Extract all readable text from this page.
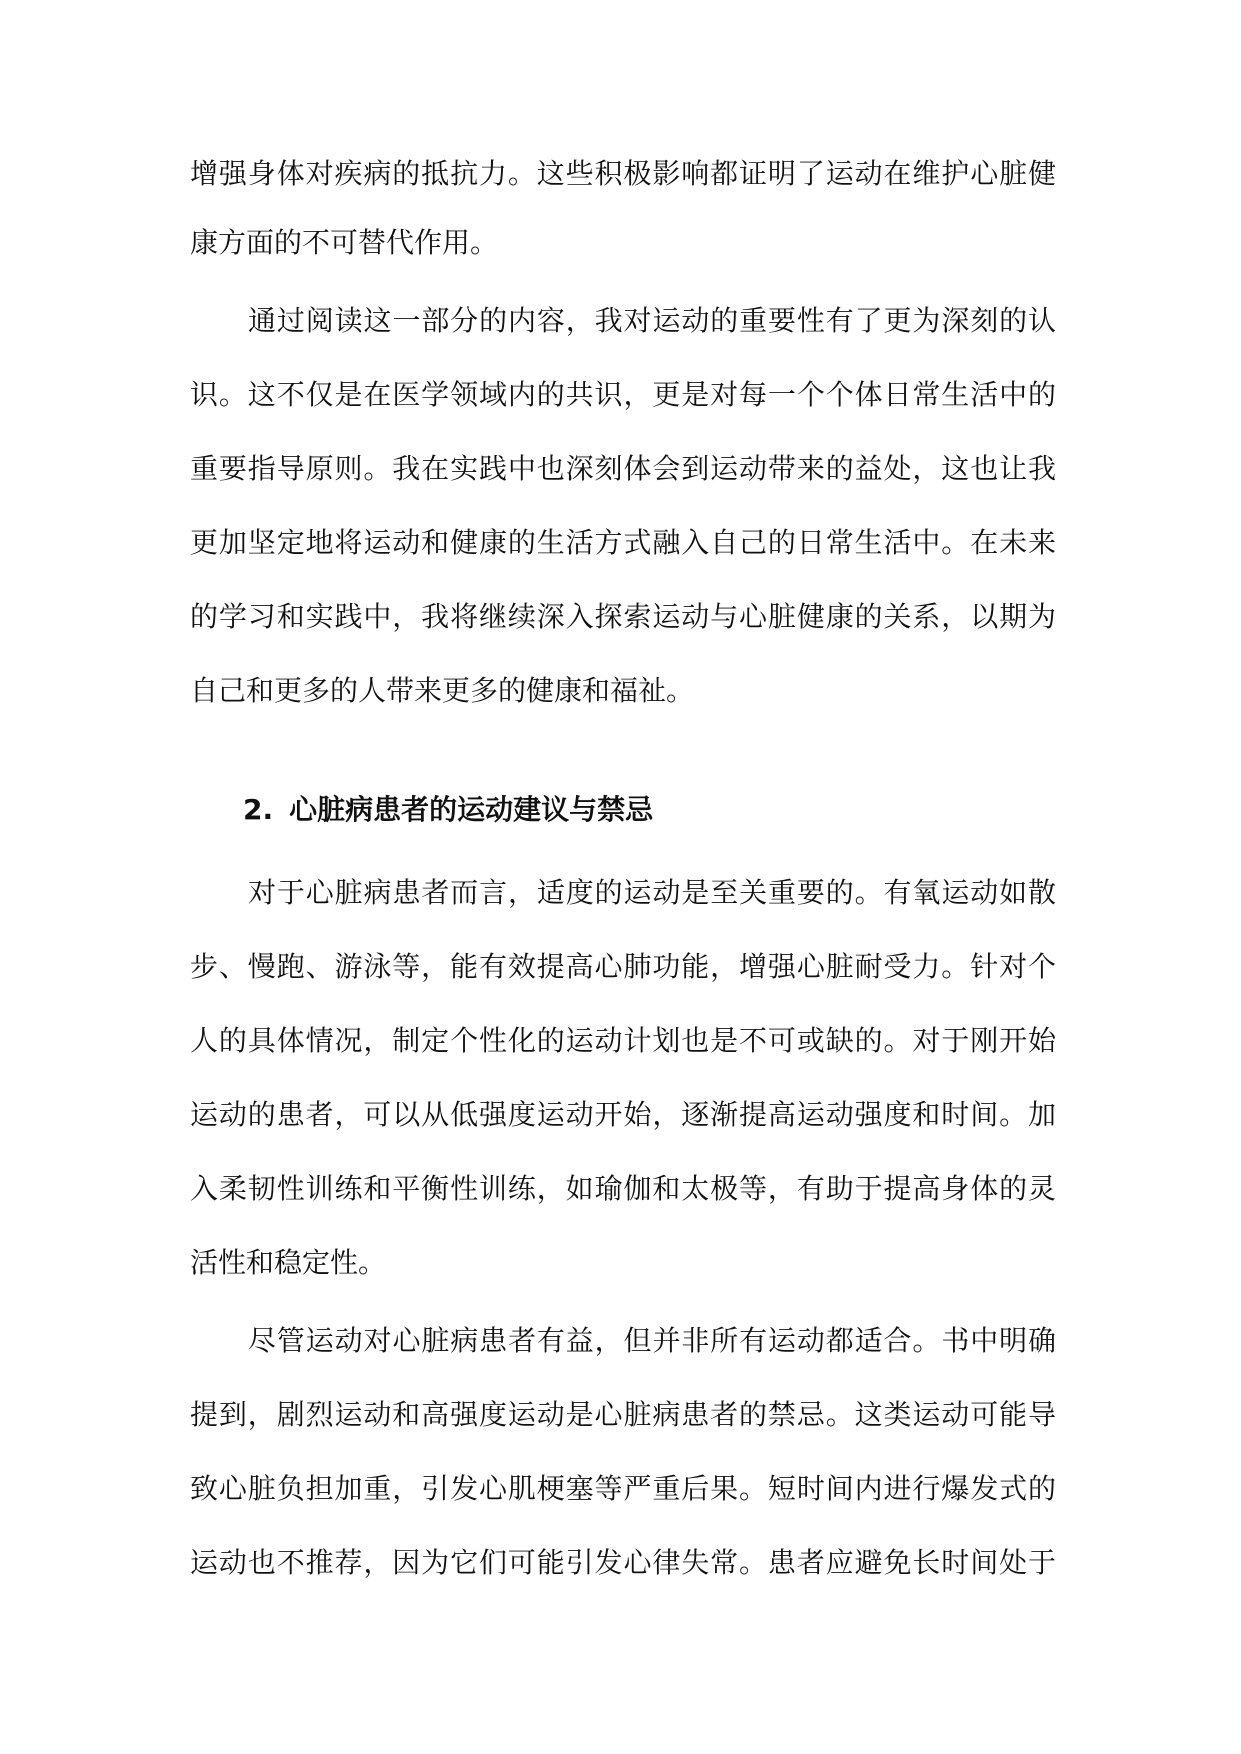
增强身体对疾病的抵抗力。这些积极影响都证明了运动在维护心脏健
康方面的不可替代作用。
通过阅读这一部分的内容，我对运动的重要性有了更为深刻的认
识。这不仅是在医学领域内的共识，更是对每一个个体日常生活中的
重要指导原则。我在实践中也深刻体会到运动带来的益处，这也让我
更加坚定地将运动和健康的生活方式融入自己的日常生活中。在未来
的学习和实践中，我将继续深入探索运动与心脏健康的关系，以期为
自己和更多的人带来更多的健康和福祉。
2. 心脏病患者的运动建议与禁忌
对于心脏病患者而言，适度的运动是至关重要的。有氧运动如散
步、慢跑、游泳等，能有效提高心肺功能，增强心脏耐受力。针对个
人的具体情况，制定个性化的运动计划也是不可或缺的。对于刚开始
运动的患者，可以从低强度运动开始，逐渐提高运动强度和时间。加
入柔韧性训练和平衡性训练，如瑜伽和太极等，有助于提高身体的灵
活性和稳定性。
尽管运动对心脏病患者有益，但并非所有运动都适合。书中明确
提到，剧烈运动和高强度运动是心脏病患者的禁忌。这类运动可能导
致心脏负担加重，引发心肌梗塞等严重后果。短时间内进行爆发式的
运动也不推荐，因为它们可能引发心律失常。患者应避免长时间处于
